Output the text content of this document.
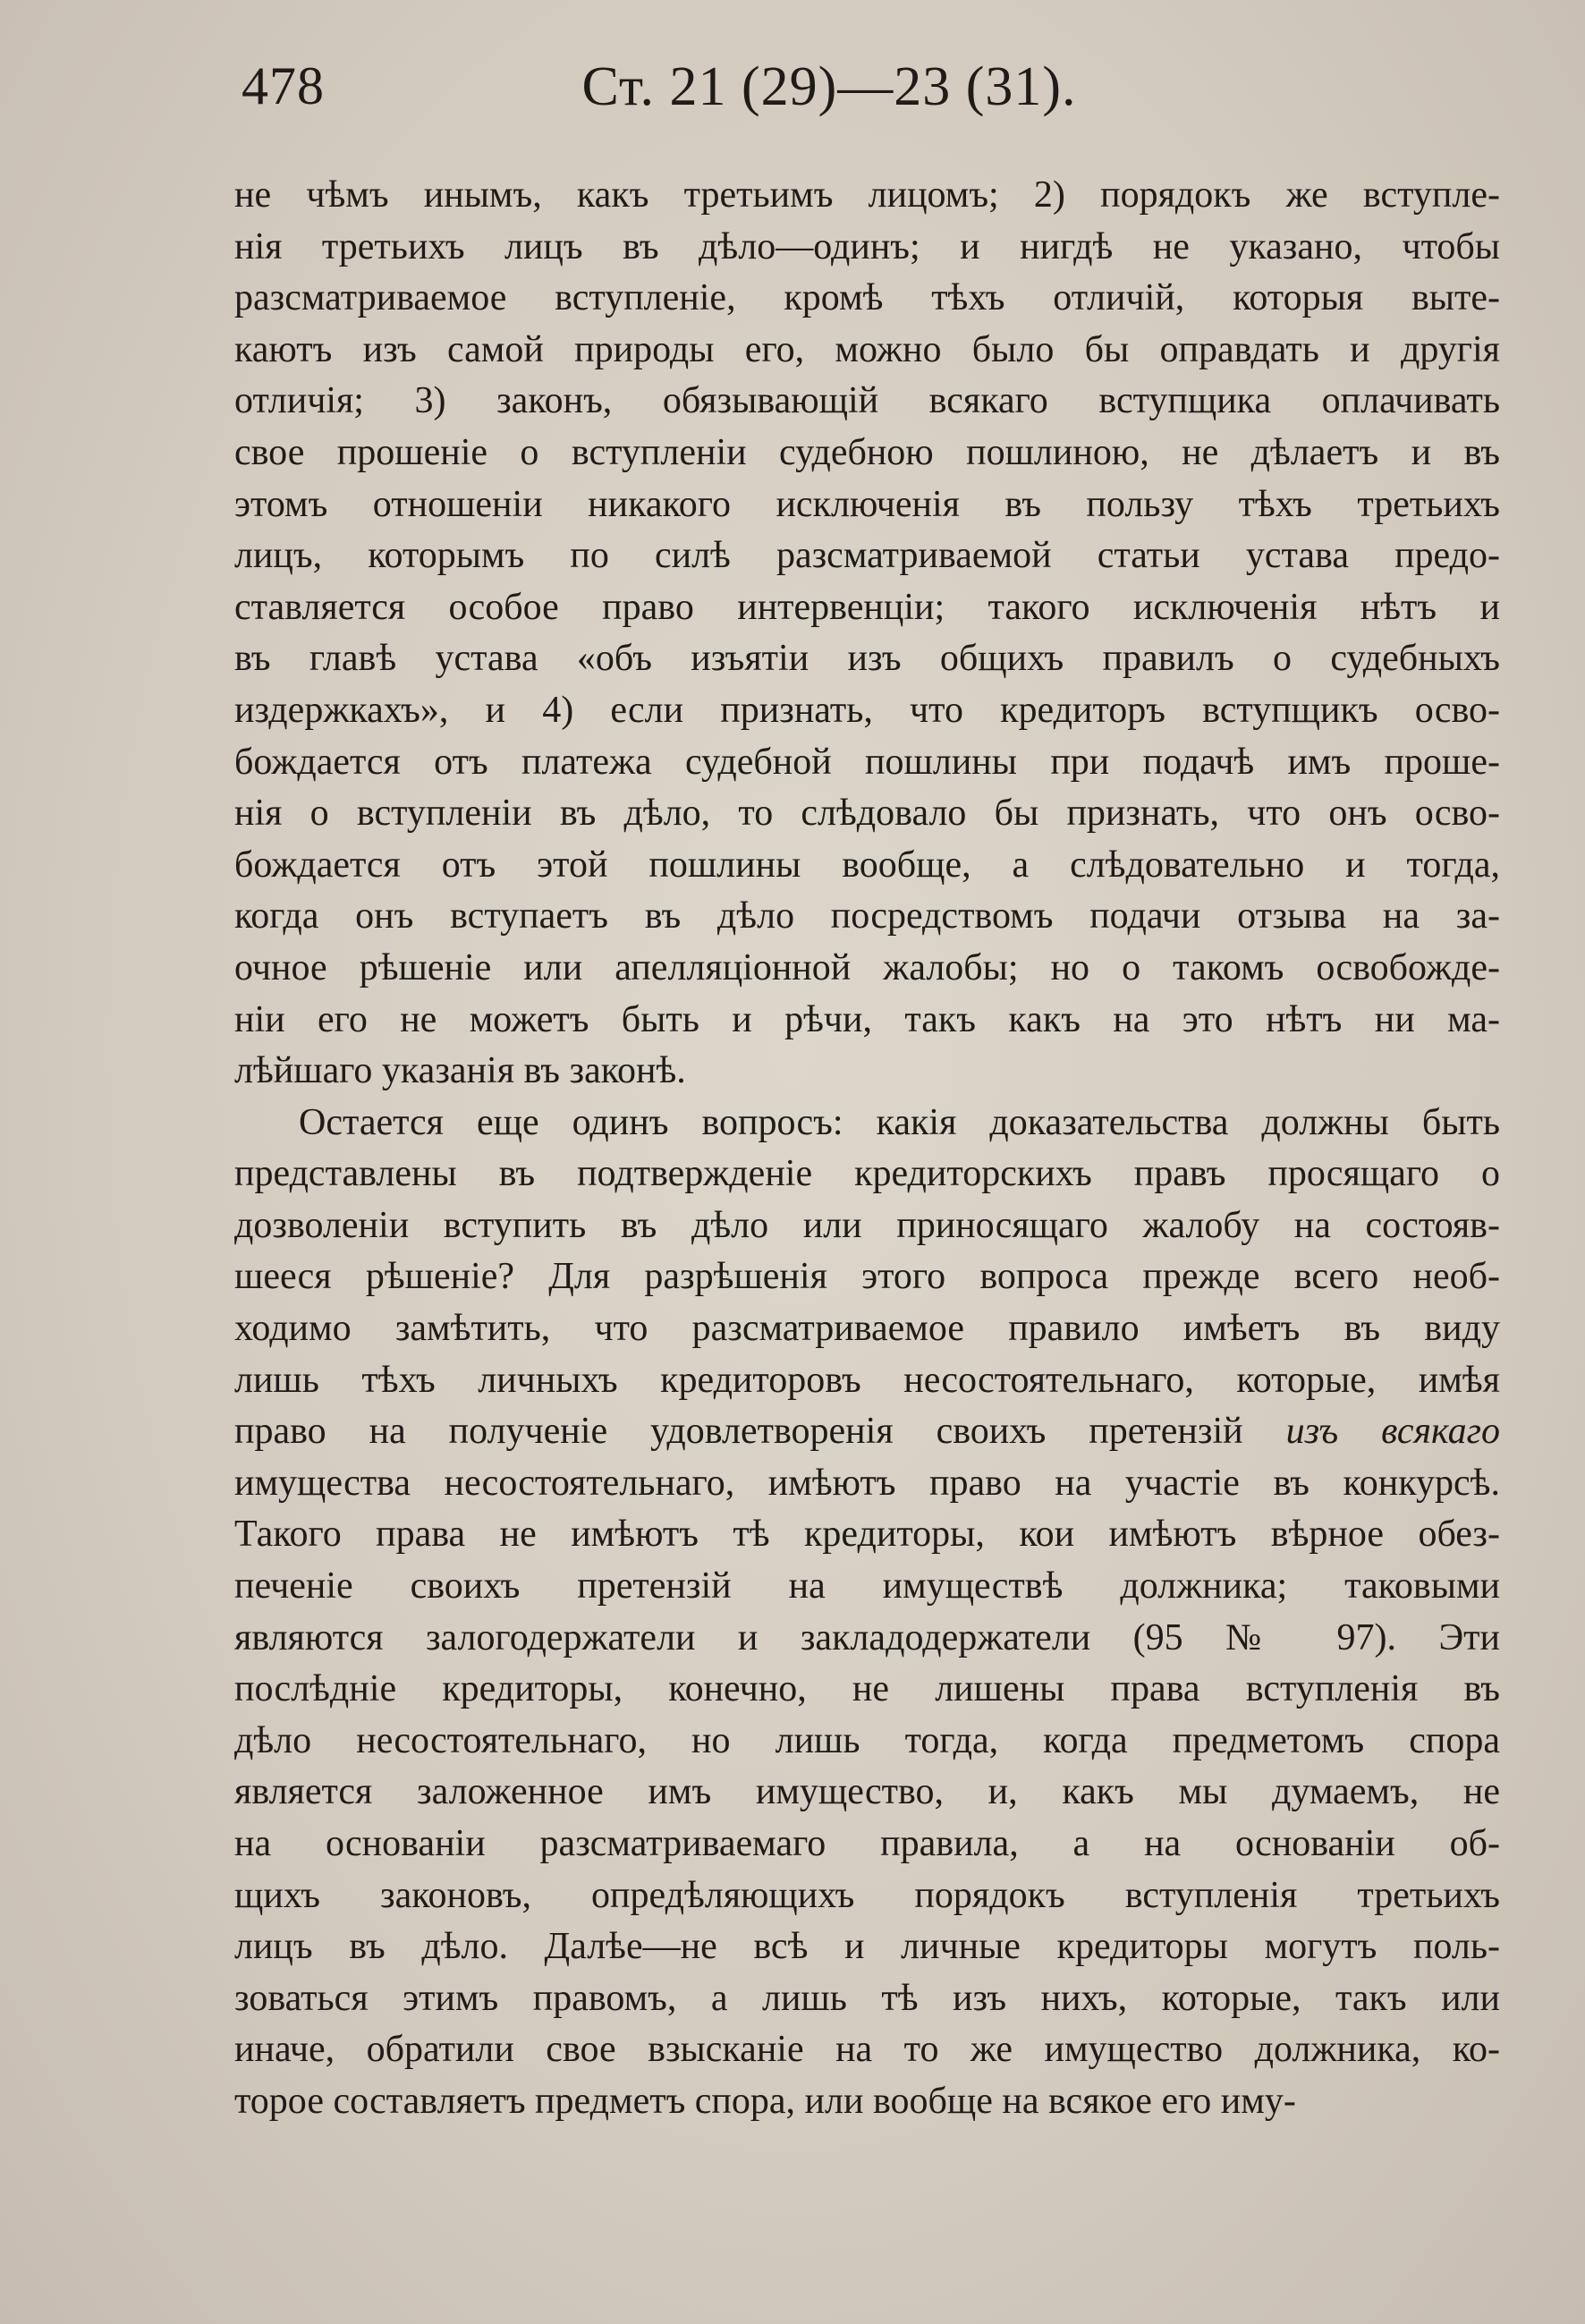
478	Ст. 21 (29)—23 (31).
не чѣмъ инымъ, какъ третьимъ лицомъ; 2) порядокъ же вступле-
нія третьихъ лицъ въ дѣло—одинъ; и нигдѣ не указано, чтобы
разсматриваемое вступленіе, кромѣ тѣхъ отличій, которыя выте-
каютъ изъ самой природы его, можно было бы оправдать и другія
отличія; 3) законъ, обязывающій всякаго вступщика оплачивать
свое прошеніе о вступленіи судебною пошлиною, не дѣлаетъ и въ
этомъ отношеніи никакого исключенія въ пользу тѣхъ третьихъ
лицъ, которымъ по силѣ разсматриваемой статьи устава предо-
ставляется особое право интервенціи; такого исключенія нѣтъ и
въ главѣ устава «объ изъятіи изъ общихъ правилъ о судебныхъ
издержкахъ», и 4) если признать, что кредиторъ вступщикъ осво-
бождается отъ платежа судебной пошлины при подачѣ имъ проше-
нія о вступленіи въ дѣло, то слѣдовало бы признать, что онъ осво-
бождается отъ этой пошлины вообще, а слѣдовательно и тогда,
когда онъ вступаетъ въ дѣло посредствомъ подачи отзыва на за-
очное рѣшеніе или апелляціонной жалобы; но о такомъ освобожде-
ніи его не можетъ быть и рѣчи, такъ какъ на это нѣтъ ни ма-
лѣйшаго указанія въ законѣ.
Остается еще одинъ вопросъ: какія доказательства должны быть
представлены въ подтвержденіе кредиторскихъ правъ просящаго о
дозволеніи вступить въ дѣло или приносящаго жалобу на состояв-
шееся рѣшеніе? Для разрѣшенія этого вопроса прежде всего необ-
ходимо замѣтить, что разсматриваемое правило имѣетъ въ виду
лишь тѣхъ личныхъ кредиторовъ несостоятельнаго, которые, имѣя
право на полученіе удовлетворенія своихъ претензій изъ всякаго
имущества несостоятельнаго, имѣютъ право на участіе въ конкурсѣ.
Такого права не имѣютъ тѣ кредиторы, кои имѣютъ вѣрное обез-
печеніе своихъ претензій на имуществѣ должника; таковыми
являются залогодержатели и закладодержатели (95 № 97). Эти
послѣдніе кредиторы, конечно, не лишены права вступленія въ
дѣло несостоятельнаго, но лишь тогда, когда предметомъ спора
является заложенное имъ имущество, и, какъ мы думаемъ, не
на основаніи разсматриваемаго правила, а на основаніи об-
щихъ законовъ, опредѣляющихъ порядокъ вступленія третьихъ
лицъ въ дѣло. Далѣе—не всѣ и личные кредиторы могутъ поль-
зоваться этимъ правомъ, а лишь тѣ изъ нихъ, которые, такъ или
иначе, обратили свое взысканіе на то же имущество должника, ко-
торое составляетъ предметъ спора, или вообще на всякое его иму-
